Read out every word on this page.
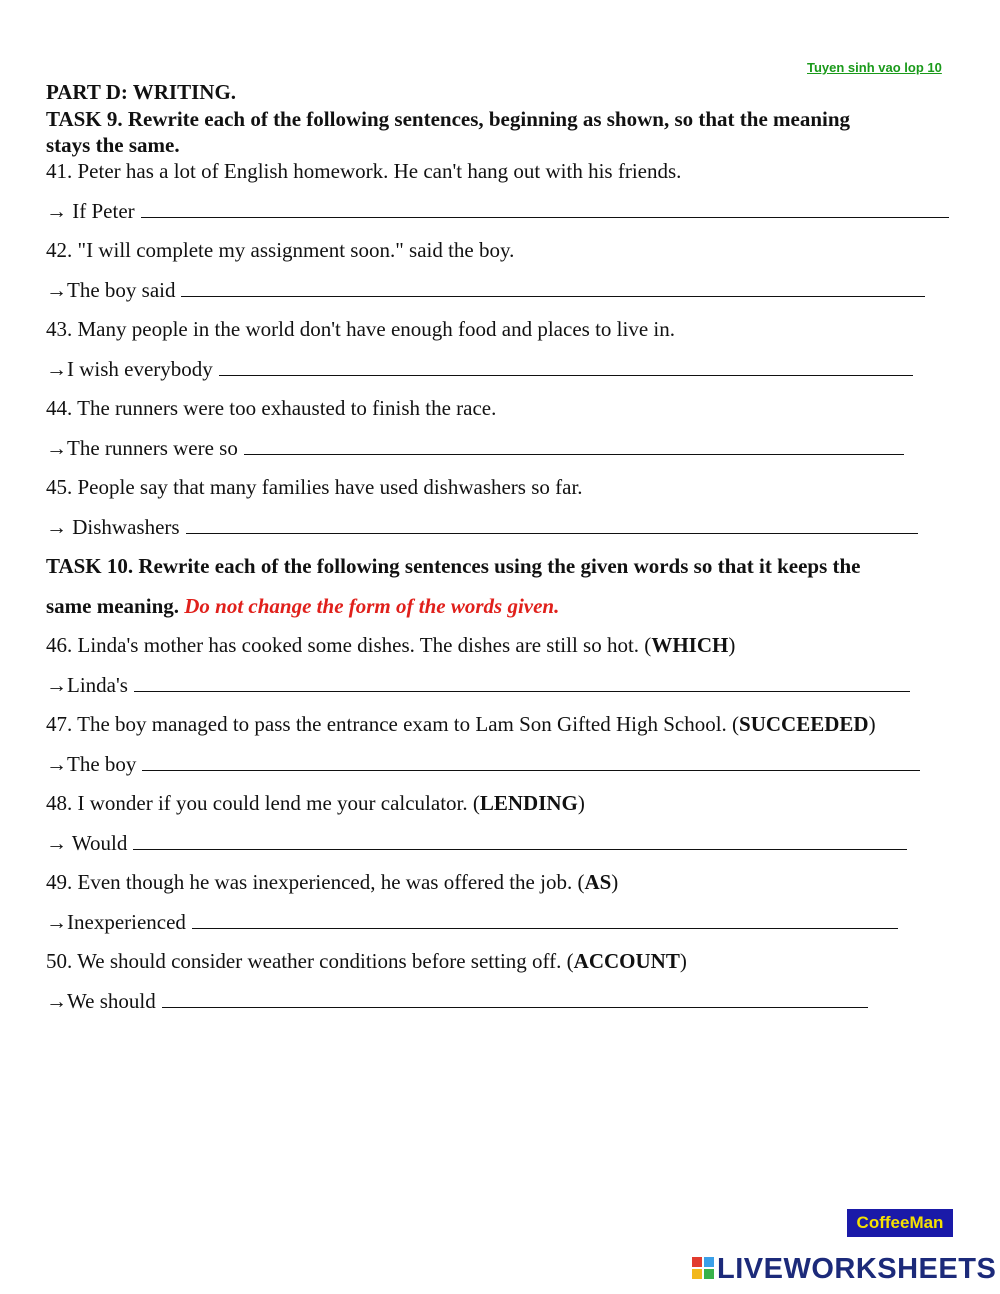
Tuyen sinh vao lop 10
PART D: WRITING.
TASK 9. Rewrite each of the following sentences, beginning as shown, so that the meaning
stays the same.
41. Peter has a lot of English homework. He can't hang out with his friends.
→ If Peter
42. "I will complete my assignment soon." said the boy.
→The boy said
43. Many people in the world don't have enough food and places to live in.
→I wish everybody
44. The runners were too exhausted to finish the race.
→The runners were so
45. People say that many families have used dishwashers so far.
→ Dishwashers
TASK 10. Rewrite each of the following sentences using the given words so that it keeps the
same meaning. Do not change the form of the words given.
46. Linda's mother has cooked some dishes. The dishes are still so hot. (WHICH)
→Linda's
47. The boy managed to pass the entrance exam to Lam Son Gifted High School. (SUCCEEDED)
→The boy
48. I wonder if you could lend me your calculator. (LENDING)
→ Would
49. Even though he was inexperienced, he was offered the job. (AS)
→Inexperienced
50. We should consider weather conditions before setting off. (ACCOUNT)
→We should
CoffeeMan
LIVEWORKSHEETS
